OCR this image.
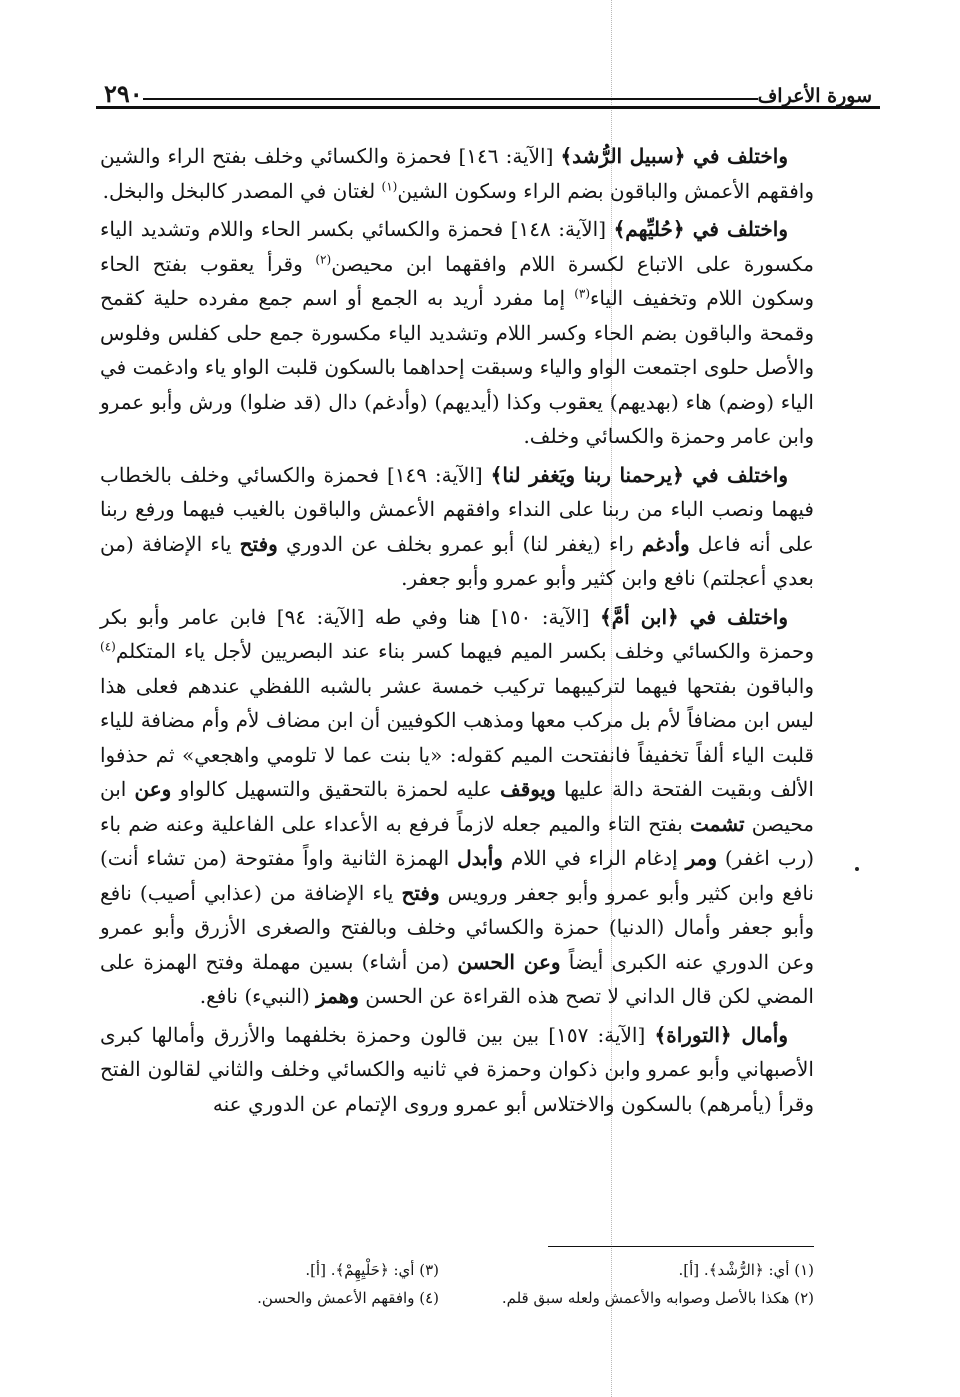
سورة الأعراف
٢٩٠

واختلف في ﴿سبيل الرُّشد﴾ [الآية: ١٤٦] فحمزة والكسائي وخلف بفتح الراء والشين وافقهم الأعمش والباقون بضم الراء وسكون الشين$^{(١)}$ لغتان في المصدر كالبخل والبخل.

واختلف في ﴿حُليِّهم﴾ [الآية: ١٤٨] فحمزة والكسائي بكسر الحاء واللام وتشديد الياء مكسورة على الاتباع لكسرة اللام وافقهما ابن محيصن$^{(٢)}$ وقرأ يعقوب بفتح الحاء وسكون اللام وتخفيف الياء$^{(٣)}$ إما مفرد أريد به الجمع أو اسم جمع مفرده حلية كقمح وقمحة والباقون بضم الحاء وكسر اللام وتشديد الياء مكسورة جمع حلى كفلس وفلوس والأصل حلوى اجتمعت الواو والياء وسبقت إحداهما بالسكون قلبت الواو ياء وادغمت في الياء (وضم) هاء (بهديهم) يعقوب وكذا (أيديهم) (وأدغم) دال (قد ضلوا) ورش وأبو عمرو وابن عامر وحمزة والكسائي وخلف.

واختلف في ﴿يرحمنا ربنا ويَغفر لنا﴾ [الآية: ١٤٩] فحمزة والكسائي وخلف بالخطاب فيهما ونصب الباء من ربنا على النداء وافقهم الأعمش والباقون بالغيب فيهما ورفع ربنا على أنه فاعل وأدغم راء (يغفر لنا) أبو عمرو بخلف عن الدوري وفتح ياء الإضافة (من بعدي أعجلتم) نافع وابن كثير وأبو عمرو وأبو جعفر.

واختلف في ﴿ابن أمَّ﴾ [الآية: ١٥٠] هنا وفي طه [الآية: ٩٤] فابن عامر وأبو بكر وحمزة والكسائي وخلف بكسر الميم فيهما كسر بناء عند البصريين لأجل ياء المتكلم$^{(٤)}$ والباقون بفتحها فيهما لتركيبهما تركيب خمسة عشر بالشبه اللفظي عندهم فعلى هذا ليس ابن مضافاً لأم بل مركب معها ومذهب الكوفيين أن ابن مضاف لأم وأم مضافة للياء قلبت الياء ألفاً تخفيفاً فانفتحت الميم كقوله: «يا بنت عما لا تلومي واهجعي» ثم حذفوا الألف وبقيت الفتحة دالة عليها ويوقف عليه لحمزة بالتحقيق والتسهيل كالواو وعن ابن محيصن تشمت بفتح التاء والميم جعله لازماً فرفع به الأعداء على الفاعلية وعنه ضم باء (رب اغفر) ومر إدغام الراء في اللام وأبدل الهمزة الثانية واواً مفتوحة (من تشاء أنت) نافع وابن كثير وأبو عمرو وأبو جعفر ورويس وفتح ياء الإضافة من (عذابي أصيب) نافع وأبو جعفر وأمال (الدنيا) حمزة والكسائي وخلف وبالفتح والصغرى الأزرق وأبو عمرو وعن الدوري عنه الكبرى أيضاً وعن الحسن (من أشاء) بسين مهملة وفتح الهمزة على المضي لكن قال الداني لا تصح هذه القراءة عن الحسن وهمز (النبيء) نافع.

وأمال ﴿التوراة﴾ [الآية: ١٥٧] بين بين قالون وحمزة بخلفهما والأزرق وأمالها كبرى الأصبهاني وأبو عمرو وابن ذكوان وحمزة في ثانيه والكسائي وخلف والثاني لقالون الفتح وقرأ (يأمرهم) بالسكون والاختلاس أبو عمرو وروى الإتمام عن الدوري عنه

(١) أي: ﴿الرُّشْد﴾. [أ].
(٣) أي: ﴿حَلْيِهِمْ﴾. [أ].
(٢) هكذا بالأصل وصوابه والأعمش ولعله سبق قلم.
(٤) وافقهم الأعمش والحسن.
